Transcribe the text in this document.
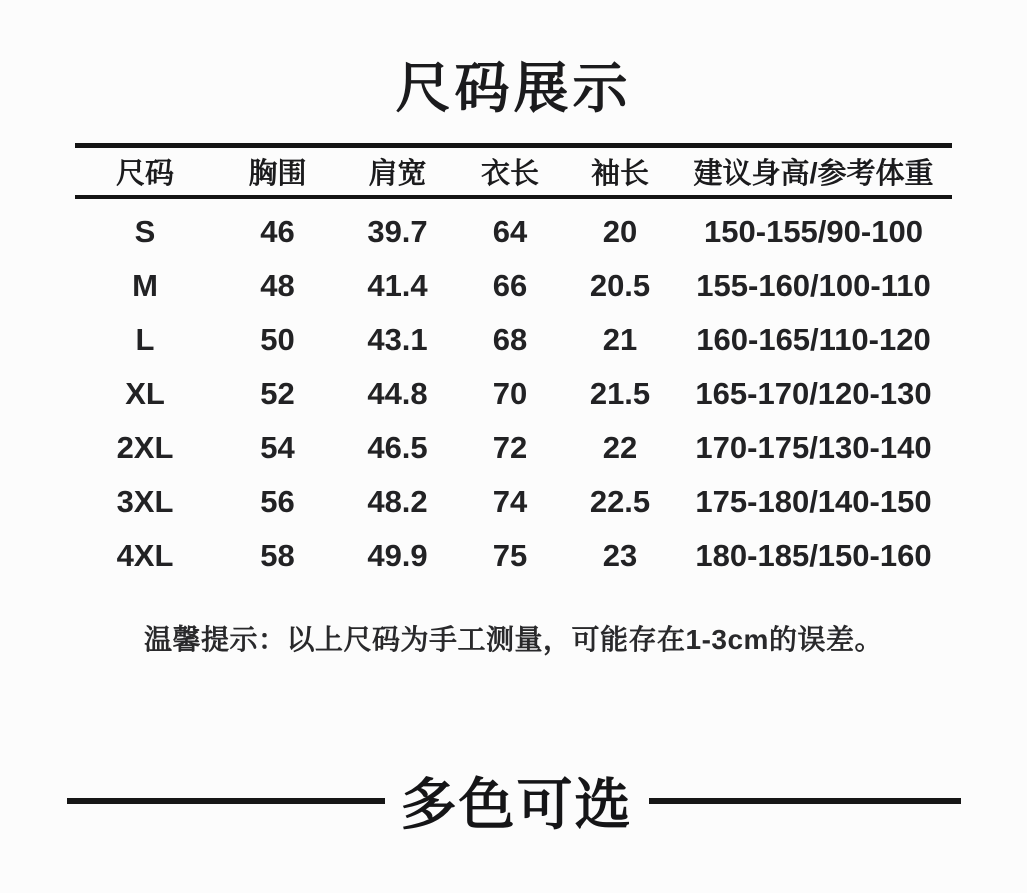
尺码展示
尺码	胸围	肩宽	衣长	袖长	建议身高/参考体重
S	46	39.7	64	20	150-155/90-100
M	48	41.4	66	20.5	155-160/100-110
L	50	43.1	68	21	160-165/110-120
XL	52	44.8	70	21.5	165-170/120-130
2XL	54	46.5	72	22	170-175/130-140
3XL	56	48.2	74	22.5	175-180/140-150
4XL	58	49.9	75	23	180-185/150-160
温馨提示：以上尺码为手工测量，可能存在1-3cm的误差。
多色可选
